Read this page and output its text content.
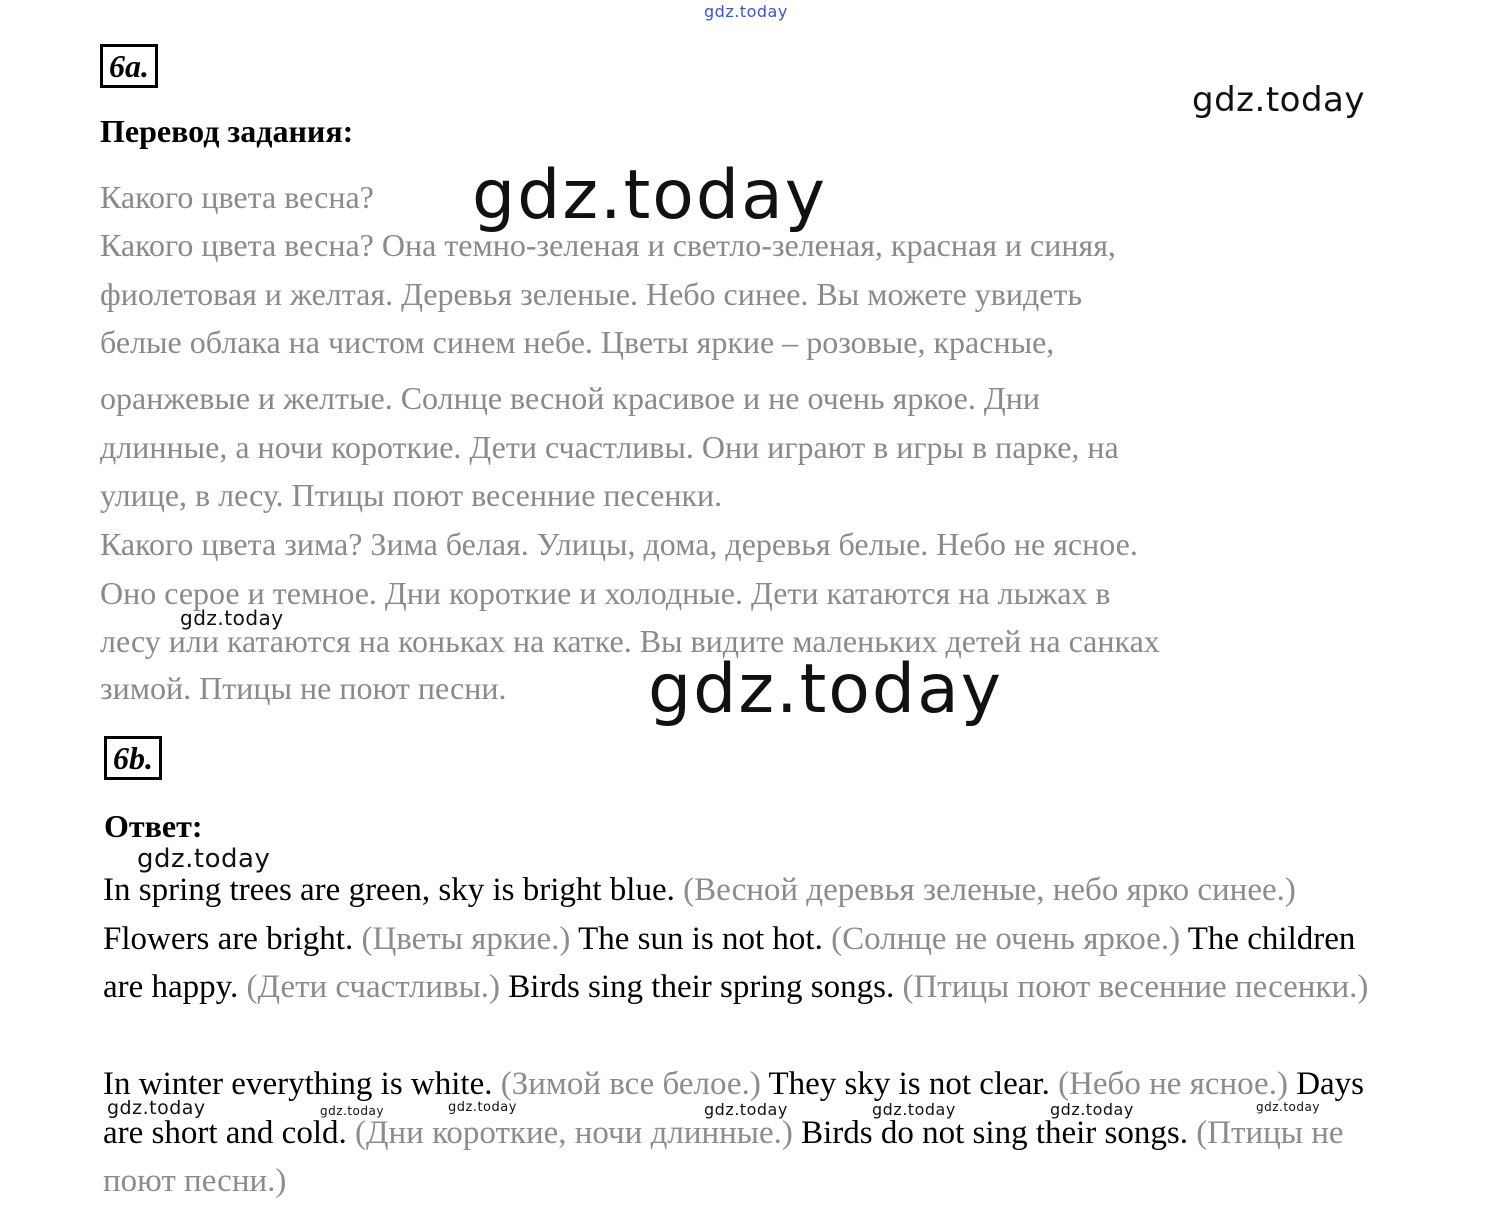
gdz.today
gdz.today
gdz.today
gdz.today
gdz.today
gdz.today
6a.
Перевод задания:
Какого цвета весна?
Какого цвета весна? Она темно-зеленая и светло-зеленая, красная и синяя,
фиолетовая и желтая. Деревья зеленые. Небо синее. Вы можете увидеть
белые облака на чистом синем небе. Цветы яркие – розовые, красные,
оранжевые и желтые. Солнце весной красивое и не очень яркое. Дни
длинные, а ночи короткие. Дети счастливы. Они играют в игры в парке, на
улице, в лесу. Птицы поют весенние песенки.
Какого цвета зима? Зима белая. Улицы, дома, деревья белые. Небо не ясное.
Оно серое и темное. Дни короткие и холодные. Дети катаются на лыжах в
лесу или катаются на коньках на катке. Вы видите маленьких детей на санках
зимой. Птицы не поют песни.
6b.
Ответ:
In spring trees are green, sky is bright blue. (Весной деревья зеленые, небо ярко синее.) Flowers are bright. (Цветы яркие.) The sun is not hot. (Солнце не очень яркое.) The children are happy. (Дети счастливы.) Birds sing their spring songs. (Птицы поют весенние песенки.)
In winter everything is white. (Зимой все белое.) They sky is not clear. (Небо не ясное.) Days are short and cold. (Дни короткие, ночи длинные.) Birds do not sing their songs. (Птицы не поют песни.)
gdz.today	gdz.today	gdz.today	gdz.today	gdz.today	gdz.today	gdz.today
